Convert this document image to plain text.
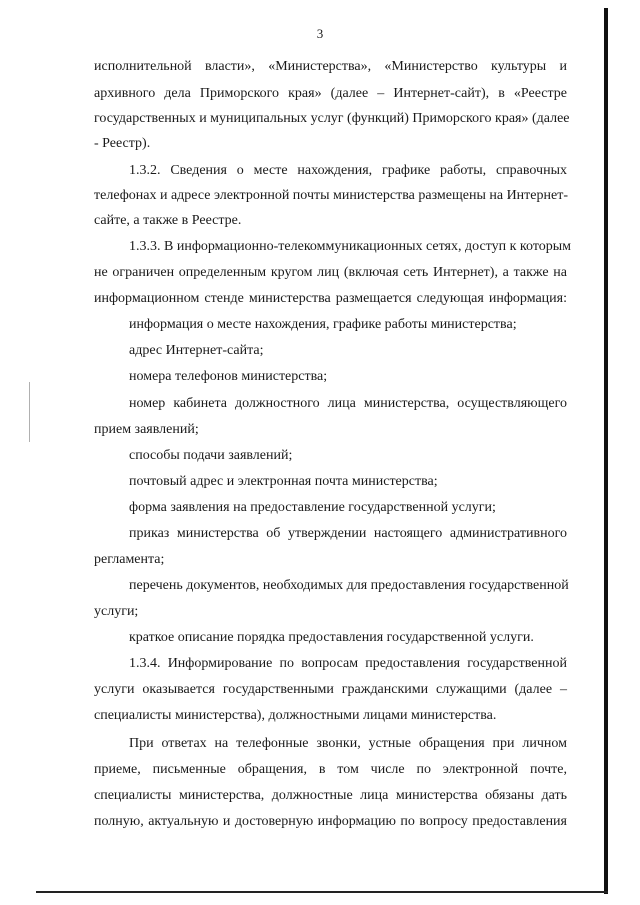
3
исполнительной власти», «Министерства», «Министерство культуры и
архивного дела Приморского края» (далее – Интернет-сайт), в «Реестре
государственных и муниципальных услуг (функций) Приморского края» (далее
- Реестр).
1.3.2. Сведения о месте нахождения, графике работы, справочных
телефонах и адресе электронной почты министерства размещены на Интернет-
сайте, а также в Реестре.
1.3.3. В информационно-телекоммуникационных сетях, доступ к которым
не ограничен определенным кругом лиц (включая сеть Интернет), а также на
информационном стенде министерства размещается следующая информация:
информация о месте нахождения, графике работы министерства;
адрес Интернет-сайта;
номера телефонов министерства;
номер кабинета должностного лица министерства, осуществляющего
прием заявлений;
способы подачи заявлений;
почтовый адрес и электронная почта министерства;
форма заявления на предоставление государственной услуги;
приказ министерства об утверждении настоящего административного
регламента;
перечень документов, необходимых для предоставления государственной
услуги;
краткое описание порядка предоставления государственной услуги.
1.3.4. Информирование по вопросам предоставления государственной
услуги оказывается государственными гражданскими служащими (далее –
специалисты министерства), должностными лицами министерства.
При ответах на телефонные звонки, устные обращения при личном
приеме, письменные обращения, в том числе по электронной почте,
специалисты министерства, должностные лица министерства обязаны дать
полную, актуальную и достоверную информацию по вопросу предоставления
